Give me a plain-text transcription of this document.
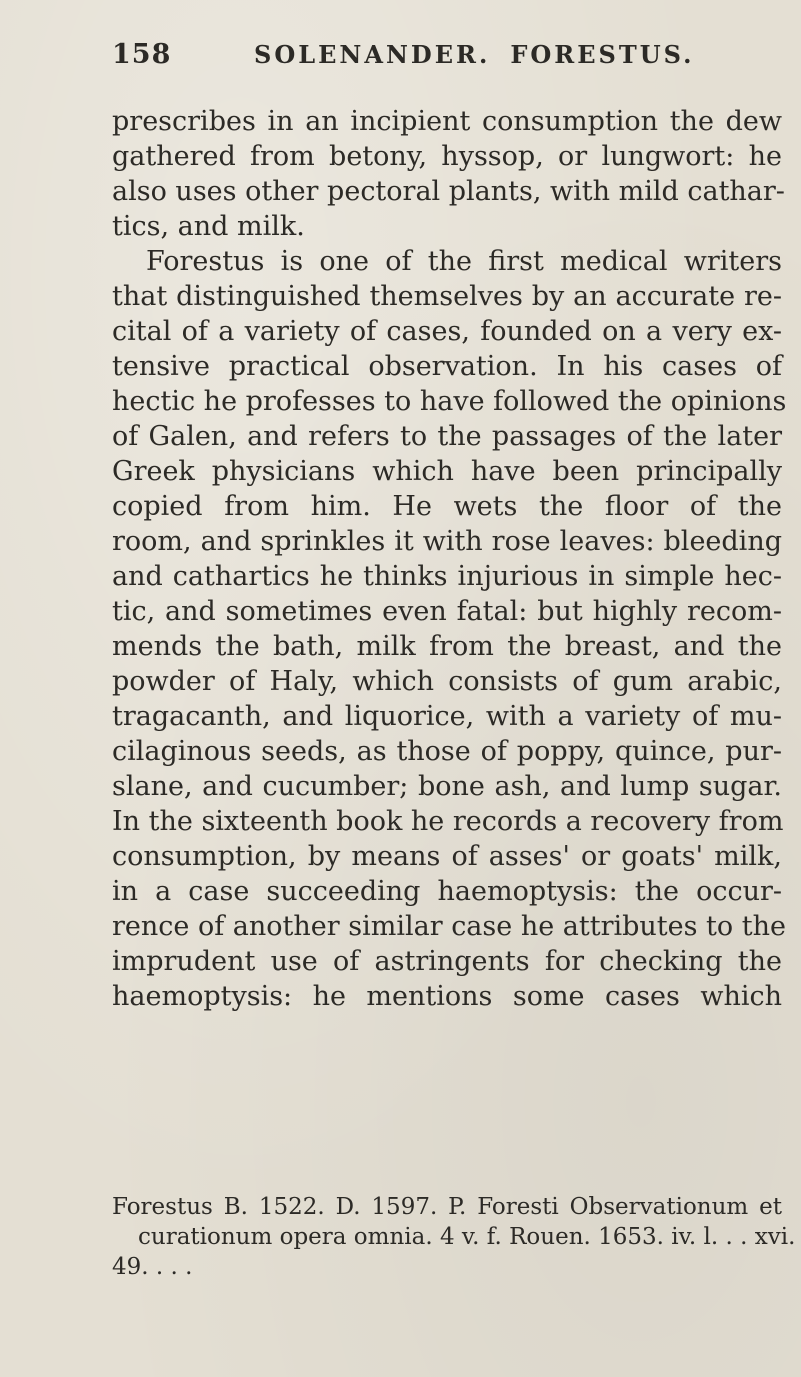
158	SOLENANDER. FORESTUS.
prescribes in an incipient consumption the dew
gathered from betony, hyssop, or lungwort: he
also uses other pectoral plants, with mild cathar-
tics, and milk.
Forestus is one of the first medical writers
that distinguished themselves by an accurate re-
cital of a variety of cases, founded on a very ex-
tensive practical observation. In his cases of
hectic he professes to have followed the opinions
of Galen, and refers to the passages of the later
Greek physicians which have been principally
copied from him. He wets the floor of the
room, and sprinkles it with rose leaves: bleeding
and cathartics he thinks injurious in simple hec-
tic, and sometimes even fatal: but highly recom-
mends the bath, milk from the breast, and the
powder of Haly, which consists of gum arabic,
tragacanth, and liquorice, with a variety of mu-
cilaginous seeds, as those of poppy, quince, pur-
slane, and cucumber; bone ash, and lump sugar.
In the sixteenth book he records a recovery from
consumption, by means of asses' or goats' milk,
in a case succeeding haemoptysis: the occur-
rence of another similar case he attributes to the
imprudent use of astringents for checking the
haemoptysis: he mentions some cases which
Forestus B. 1522. D. 1597. P. Foresti Observationum et
curationum opera omnia. 4 v. f. Rouen. 1653. iv. l. . . xvi.
49. . . .
